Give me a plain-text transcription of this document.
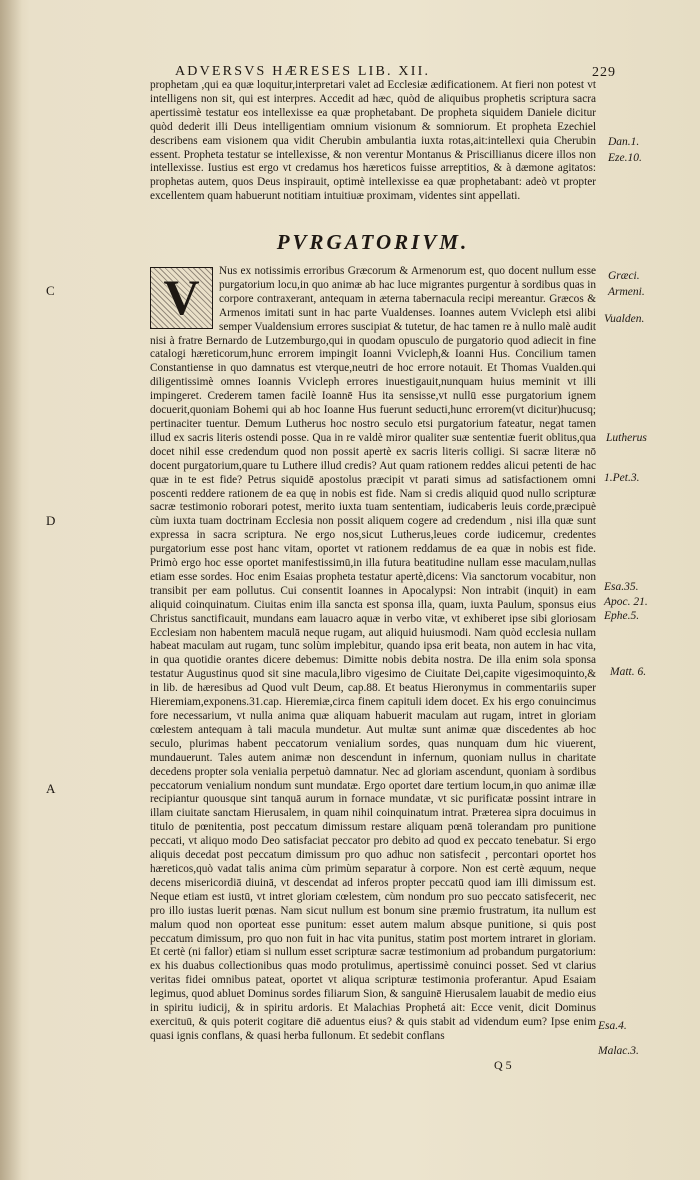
ADVERSVS HÆRESES LIB. XII.	229

prophetam ,qui ea quæ loquitur,interpretari valet ad Ecclesiæ ædificationem. At fieri non potest vt intelligens non sit, qui est interpres. Accedit ad hæc, quòd de aliquibus prophetis scriptura sacra apertissimè testatur eos intellexisse ea quæ prophetabant. De propheta siquidem Daniele dicitur quòd dederit illi Deus intelligentiam omnium visionum & somniorum. Et propheta Ezechiel describens eam visionem qua vidit Cherubin ambulantia iuxta rotas,ait:intellexi quia Cherubin essent. Propheta testatur se intellexisse, & non verentur Montanus & Priscillianus dicere illos non intellexisse. Iustius est ergo vt credamus hos hæreticos fuisse arreptitios, & à dæmone agitatos: prophetas autem, quos Deus inspirauit, optimè intellexisse ea quæ prophetabant: adeò vt propter excellentem quam habuerunt notitiam intuitiuæ proximam, videntes sint appellati.

PVRGATORIVM.
V	Nus ex notissimis erroribus Græcorum & Armenorum est, quo docent nullum esse purgatorium locu,in quo animæ ab hac luce migrantes purgentur à sordibus quas in corpore contraxerant, antequam in æterna tabernacula recipi mereantur. Græcos & Armenos imitati sunt in hac parte Vualdenses. Ioannes autem Vvicleph etsi alibi semper Vualdensium errores suscipiat & tutetur, de hac tamen re à nullo malè audit nisi à fratre Bernardo de Lutzemburgo,qui in quodam opusculo de purgatorio quod adiecit in fine catalogi hæreticorum,hunc errorem impingit Ioanni Vvicleph,& Ioanni Hus. Concilium tamen Constantiense in quo damnatus est vterque,neutri de hoc errore notauit. Et Thomas Vualden.qui diligentissimè omnes Ioannis Vvicleph errores inuestigauit,nunquam huius meminit vt illi impingeret. Crederem tamen facilè Ioannē Hus ita sensisse,vt nullū esse purgatorium ignem docuerit,quoniam Bohemi qui ab hoc Ioanne Hus fuerunt seducti,hunc errorem(vt dicitur)hucusq; pertinaciter tuentur. Demum Lutherus hoc nostro seculo etsi purgatorium fateatur, negat tamen illud ex sacris literis ostendi posse. Qua in re valdè miror qualiter suæ sententiæ fuerit oblitus,qua docet nihil esse credendum quod non possit apertè ex sacris literis colligi. Si sacræ literæ nō docent purgatorium,quare tu Luthere illud credis? Aut quam rationem reddes alicui petenti de hac quæ in te est fide? Petrus siquidē apostolus præcipit vt parati simus ad satisfactionem omni poscenti reddere rationem de ea quę in nobis est fide. Nam si credis aliquid quod nullo scripturæ sacræ testimonio roborari potest, merito iuxta tuam sententiam, iudicaberis leuis corde,præcipuè cùm iuxta tuam doctrinam Ecclesia non possit aliquem cogere ad credendum , nisi illa quæ sunt expressa in sacra scriptura. Ne ergo nos,sicut Lutherus,leues corde iudicemur, credentes purgatorium esse post hanc vitam, oportet vt rationem reddamus de ea quæ in nobis est fide. Primò ergo hoc esse oportet manifestissimū,in illa futura beatitudine nullam esse maculam,nullas etiam esse sordes. Hoc enim Esaias propheta testatur apertè,dicens: Via sanctorum vocabitur, non transibit per eam pollutus. Cui consentit Ioannes in Apocalypsi: Non intrabit (inquit) in eam aliquid coinquinatum. Ciuitas enim illa sancta est sponsa illa, quam, iuxta Paulum, sponsus eius Christus sanctificauit, mundans eam lauacro aquæ in verbo vitæ, vt exhiberet ipse sibi gloriosam Ecclesiam non habentem maculā neque rugam, aut aliquid huiusmodi. Nam quòd ecclesia nullam habeat maculam aut rugam, tunc solùm implebitur, quando ipsa erit beata, non autem in hac vita, in qua quotidie orantes dicere debemus: Dimitte nobis debita nostra. De illa enim sola sponsa testatur Augustinus quod sit sine macula,libro vigesimo de Ciuitate Dei,capite vigesimoquinto,& in lib. de hæresibus ad Quod vult Deum, cap.88. Et beatus Hieronymus in commentariis super Hieremiam,exponens.31.cap. Hieremiæ,circa finem capituli idem docet. Ex his ergo conuincimus fore necessarium, vt nulla anima quæ aliquam habuerit maculam aut rugam, intret in gloriam cœlestem antequam à tali macula mundetur. Aut multæ sunt animæ quæ discedentes ab hoc seculo, plurimas habent peccatorum venialium sordes, quas nunquam dum hic viuerent, mundauerunt. Tales autem animæ non descendunt in infernum, quoniam nullus in charitate decedens propter sola venialia perpetuò damnatur. Nec ad gloriam ascendunt, quoniam à sordibus peccatorum venialium nondum sunt mundatæ. Ergo oportet dare tertium locum,in quo animæ illæ recipiantur quousque sint tanquā aurum in fornace mundatæ, vt sic purificatæ possint intrare in illam ciuitate sanctam Hierusalem, in quam nihil coinquinatum intrat. Præterea sipra docuimus in titulo de pœnitentia, post peccatum dimissum restare aliquam pœnā tolerandam pro punitione peccati, vt aliquo modo Deo satisfaciat peccator pro debito ad quod ex peccato tenebatur. Si ergo aliquis decedat post peccatum dimissum pro quo adhuc non satisfecit , percontari oportet hos hæreticos,quò vadat talis anima cùm primùm separatur à corpore. Non est certè æquum, neque decens misericordiā diuinā, vt descendat ad inferos propter peccatū quod iam illi dimissum est. Neque etiam est iustū, vt intret gloriam cœlestem, cùm nondum pro suo peccato satisfecerit, nec pro illo iustas luerit pœnas. Nam sicut nullum est bonum sine præmio frustratum, ita nullum est malum quod non oporteat esse punitum: esset autem malum absque punitione, si quis post peccatum dimissum, pro quo non fuit in hac vita punitus, statim post mortem intraret in gloriam. Et certè (ni fallor) etiam si nullum esset scripturæ sacræ testimonium ad probandum purgatorium: ex his duabus collectionibus quas modo protulimus, apertissimè conuinci posset. Sed vt clarius veritas fidei omnibus pateat, oportet vt aliqua scripturæ testimonia proferantur. Apud Esaiam legimus, quod abluet Dominus sordes filiarum Sion, & sanguinē Hierusalem lauabit de medio eius in spiritu iudicij, & in spiritu ardoris. Et Malachias Prophetá ait: Ecce venit, dicit Dominus exercituū, & quis poterit cogitare diē aduentus eius? & quis stabit ad videndum eum? Ipse enim quasi ignis conflans, & quasi herba fullonum. Et sedebit conflans

Dan.1.
Eze.10.
Græci.
Armeni.
Vualden.
Lutherus
1.Pet.3.
Esa.35.
Apoc. 21.
Ephe.5.
Matt. 6.
Esa.4.
Malac.3.
C
D
A
Q 5
